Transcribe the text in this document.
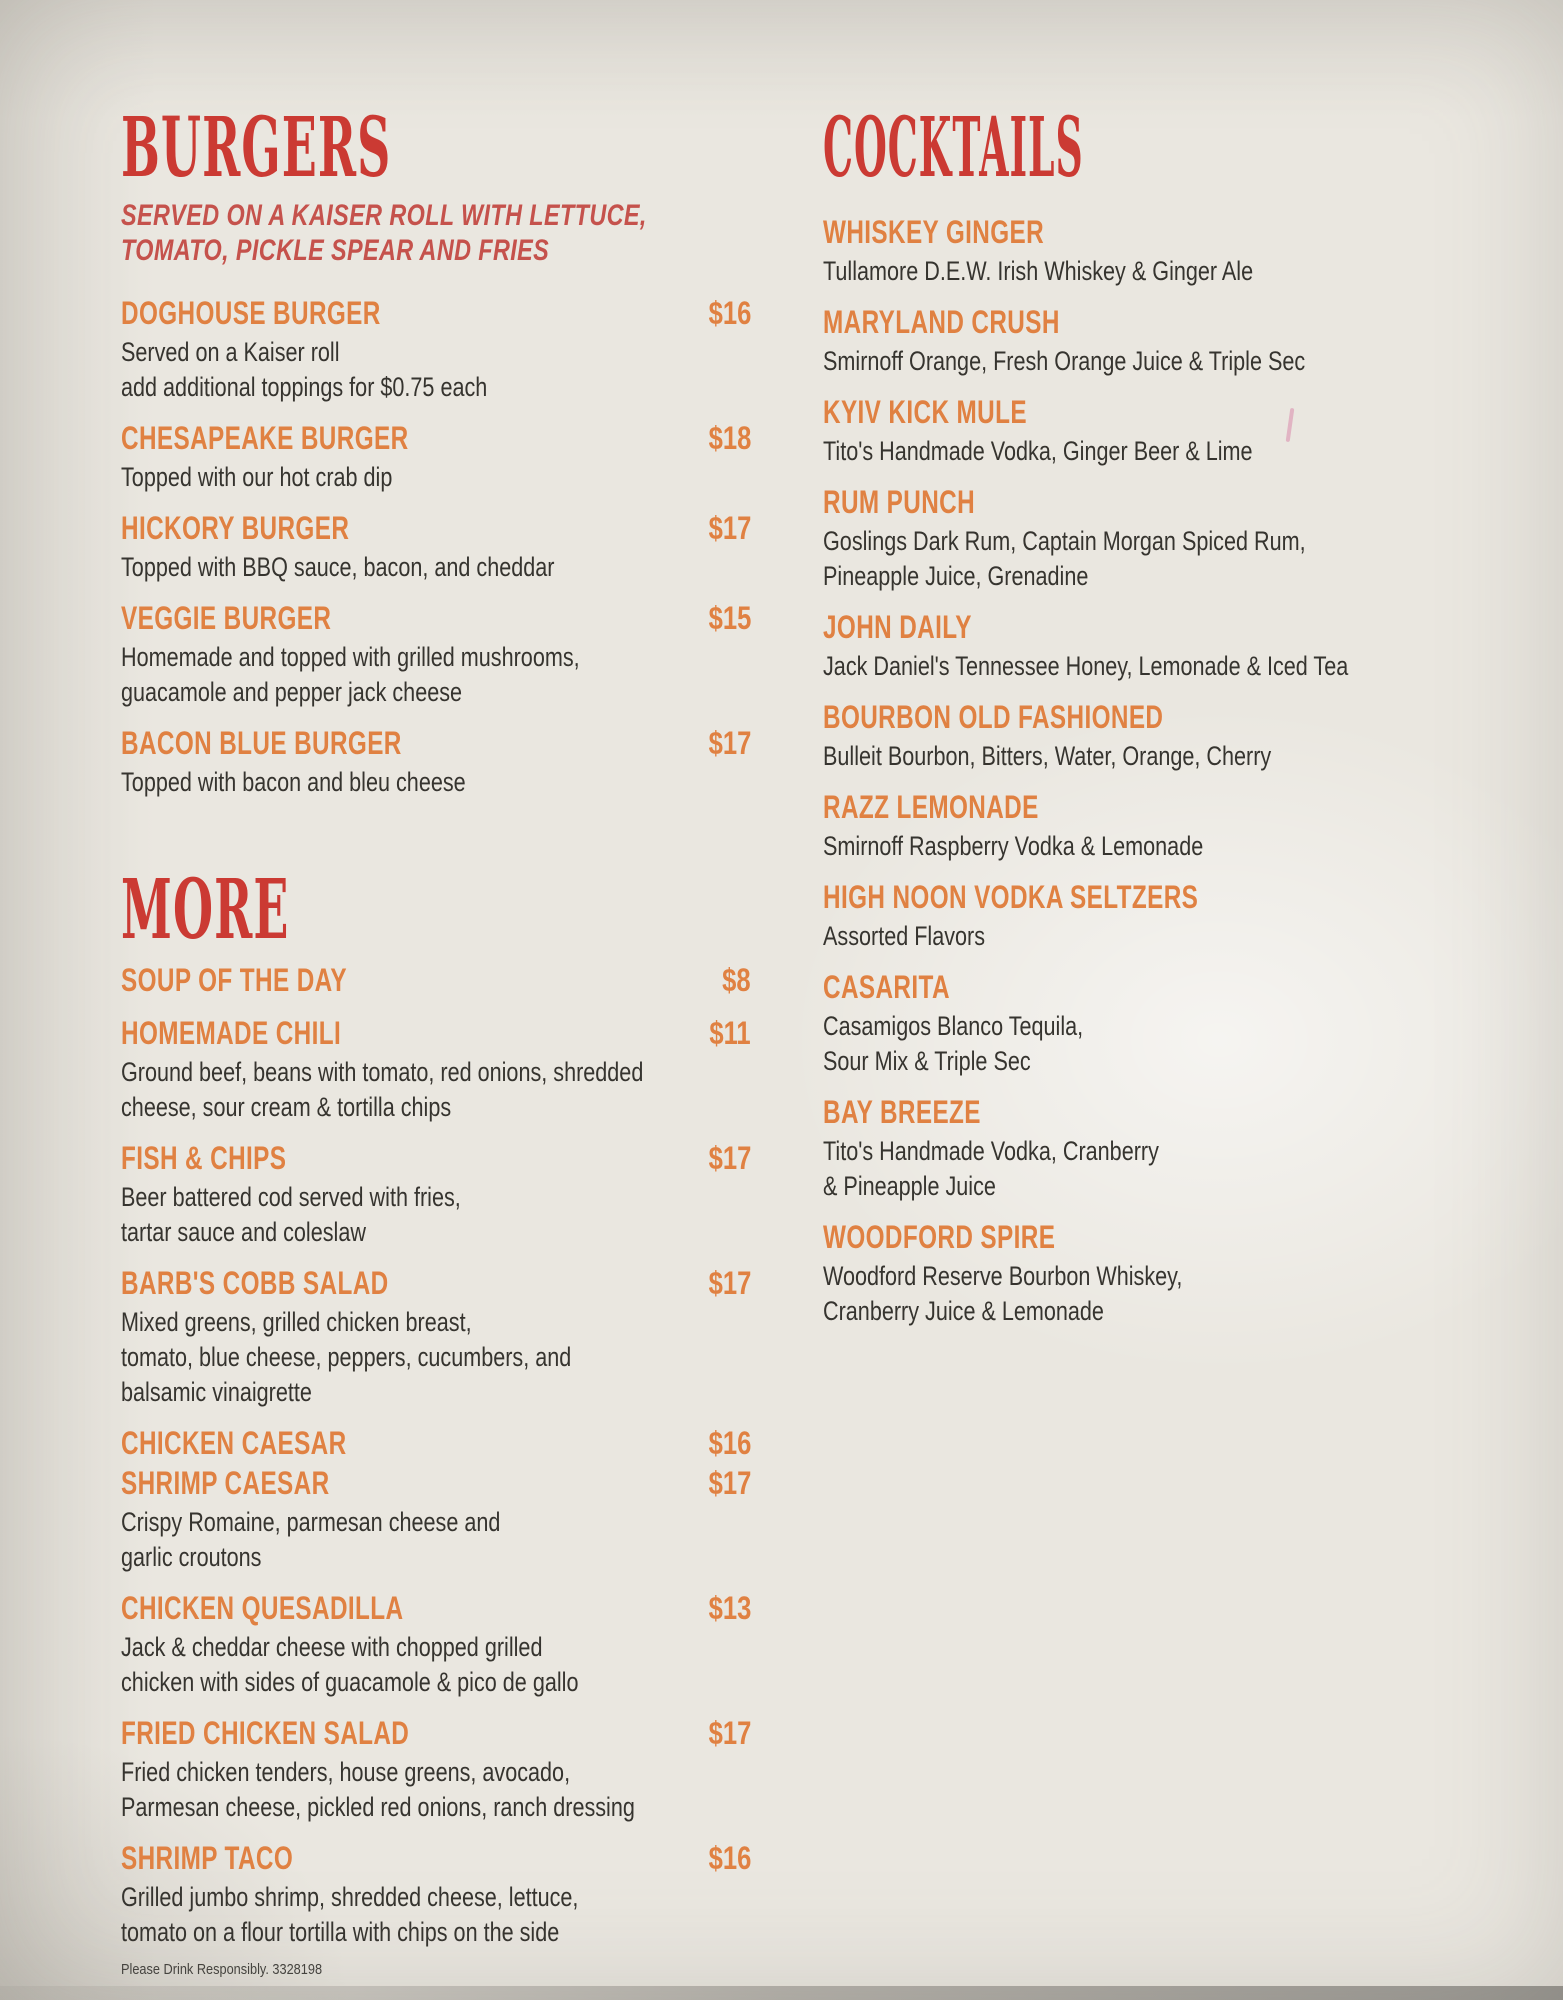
BURGERS
SERVED ON A KAISER ROLL WITH LETTUCE,
TOMATO, PICKLE SPEAR AND FRIES
DOGHOUSE BURGER	$16
Served on a Kaiser roll
add additional toppings for $0.75 each
CHESAPEAKE BURGER	$18
Topped with our hot crab dip
HICKORY BURGER	$17
Topped with BBQ sauce, bacon, and cheddar
VEGGIE BURGER	$15
Homemade and topped with grilled mushrooms,
guacamole and pepper jack cheese
BACON BLUE BURGER	$17
Topped with bacon and bleu cheese
MORE
SOUP OF THE DAY	$8
HOMEMADE CHILI	$11
Ground beef, beans with tomato, red onions, shredded
cheese, sour cream & tortilla chips
FISH & CHIPS	$17
Beer battered cod served with fries,
tartar sauce and coleslaw
BARB'S COBB SALAD	$17
Mixed greens, grilled chicken breast,
tomato, blue cheese, peppers, cucumbers, and
balsamic vinaigrette
CHICKEN CAESAR	$16
SHRIMP CAESAR	$17
Crispy Romaine, parmesan cheese and
garlic croutons
CHICKEN QUESADILLA	$13
Jack & cheddar cheese with chopped grilled
chicken with sides of guacamole & pico de gallo
FRIED CHICKEN SALAD	$17
Fried chicken tenders, house greens, avocado,
Parmesan cheese, pickled red onions, ranch dressing
SHRIMP TACO	$16
Grilled jumbo shrimp, shredded cheese, lettuce,
tomato on a flour tortilla with chips on the side
COCKTAILS
WHISKEY GINGER
Tullamore D.E.W. Irish Whiskey & Ginger Ale
MARYLAND CRUSH
Smirnoff Orange, Fresh Orange Juice & Triple Sec
KYIV KICK MULE
Tito's Handmade Vodka, Ginger Beer & Lime
RUM PUNCH
Goslings Dark Rum, Captain Morgan Spiced Rum,
Pineapple Juice, Grenadine
JOHN DAILY
Jack Daniel's Tennessee Honey, Lemonade & Iced Tea
BOURBON OLD FASHIONED
Bulleit Bourbon, Bitters, Water, Orange, Cherry
RAZZ LEMONADE
Smirnoff Raspberry Vodka & Lemonade
HIGH NOON VODKA SELTZERS
Assorted Flavors
CASARITA
Casamigos Blanco Tequila,
Sour Mix & Triple Sec
BAY BREEZE
Tito's Handmade Vodka, Cranberry
& Pineapple Juice
WOODFORD SPIRE
Woodford Reserve Bourbon Whiskey,
Cranberry Juice & Lemonade
Please Drink Responsibly. 3328198
